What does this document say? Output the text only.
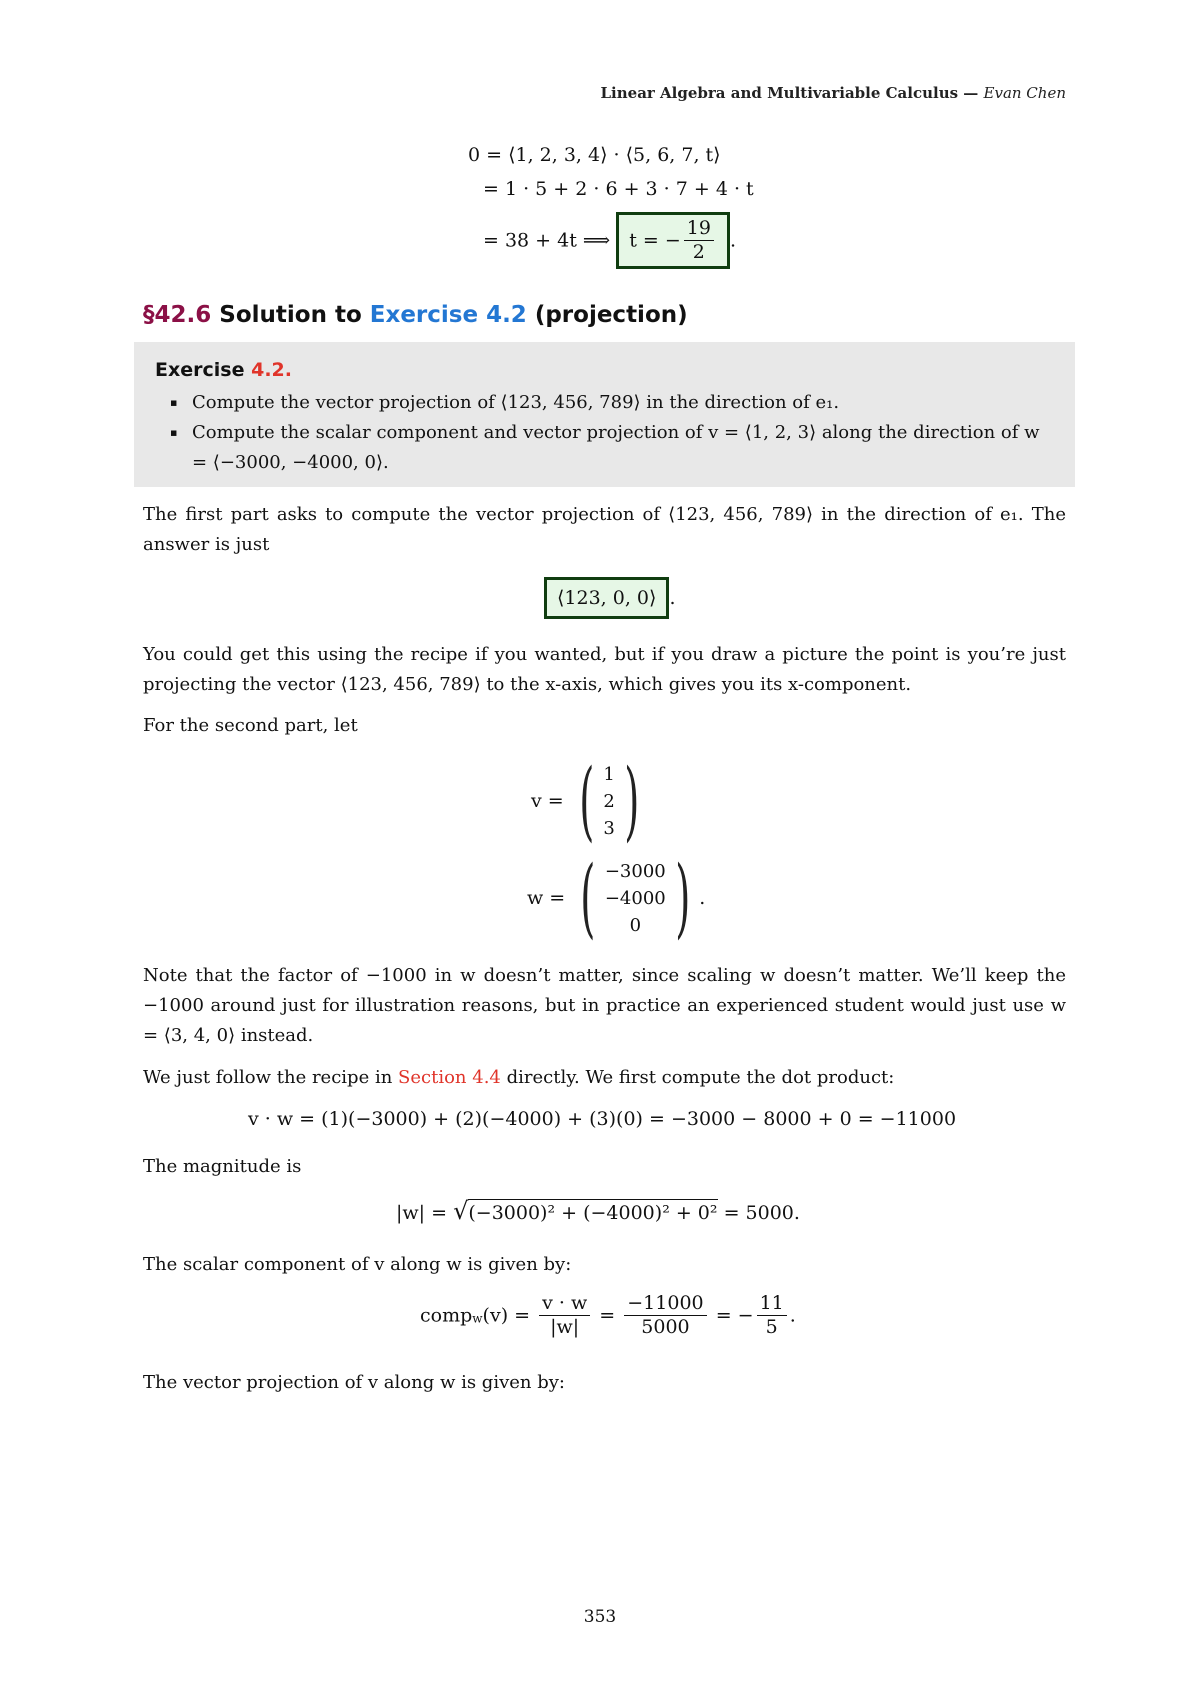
Linear Algebra and Multivariable Calculus — Evan Chen
0 = ⟨1, 2, 3, 4⟩ · ⟨5, 6, 7, t⟩
= 1 · 5 + 2 · 6 + 3 · 7 + 4 · t
= 38 + 4t ⟹ t = − $\frac{19}{2}$ .
§42.6 Solution to Exercise 4.2 (projection)
Exercise 4.2.
▪ Compute the vector projection of ⟨123, 456, 789⟩ in the direction of e₁.
▪ Compute the scalar component and vector projection of v = ⟨1, 2, 3⟩ along the direction of w = ⟨−3000, −4000, 0⟩.
The first part asks to compute the vector projection of ⟨123, 456, 789⟩ in the direction of e₁. The answer is just
⟨123, 0, 0⟩ .
You could get this using the recipe if you wanted, but if you draw a picture the point is you’re just projecting the vector ⟨123, 456, 789⟩ to the x-axis, which gives you its x-component.
For the second part, let
v = ( 1
2
3 )
w = ( −3000
−4000
0 ) .
Note that the factor of −1000 in w doesn’t matter, since scaling w doesn’t matter. We’ll keep the −1000 around just for illustration reasons, but in practice an experienced student would just use w = ⟨3, 4, 0⟩ instead.
We just follow the recipe in Section 4.4 directly. We first compute the dot product:
v · w = (1)(−3000) + (2)(−4000) + (3)(0) = −3000 − 8000 + 0 = −11000
The magnitude is
|w| = √(−3000)² + (−4000)² + 0² = 5000.
The scalar component of v along w is given by:
comp$_w$(v) = $\frac{v \cdot w}{|w|} = \frac{-11000}{5000}$ = − $\frac{11}{5}$ .
The vector projection of v along w is given by:
353
